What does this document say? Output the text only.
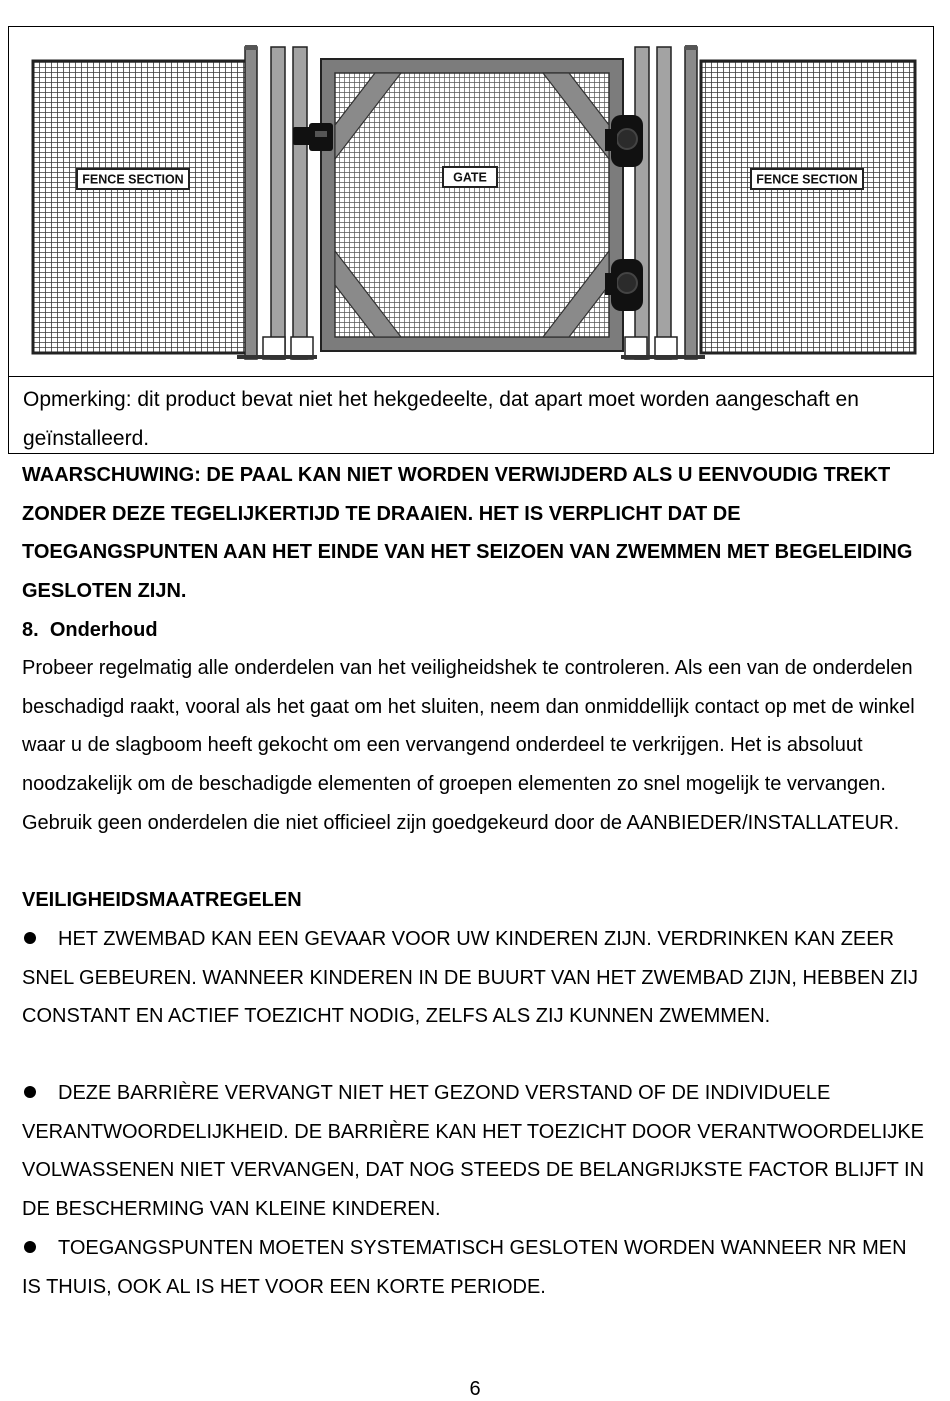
FENCE SECTION	FENCE SECTION
GATE

Opmerking: dit product bevat niet het hekgedeelte, dat apart moet worden aangeschaft en geïnstalleerd.

WAARSCHUWING: DE PAAL KAN NIET WORDEN VERWIJDERD ALS U EENVOUDIG TREKT ZONDER DEZE TEGELIJKERTIJD TE DRAAIEN. HET IS VERPLICHT DAT DE TOEGANGSPUNTEN AAN HET EINDE VAN HET SEIZOEN VAN ZWEMMEN MET BEGELEIDING GESLOTEN ZIJN.

8. Onderhoud

Probeer regelmatig alle onderdelen van het veiligheidshek te controleren. Als een van de onderdelen beschadigd raakt, vooral als het gaat om het sluiten, neem dan onmiddellijk contact op met de winkel waar u de slagboom heeft gekocht om een vervangend onderdeel te verkrijgen. Het is absoluut noodzakelijk om de beschadigde elementen of groepen elementen zo snel mogelijk te vervangen. Gebruik geen onderdelen die niet officieel zijn goedgekeurd door de AANBIEDER/INSTALLATEUR.

VEILIGHEIDSMAATREGELEN

HET ZWEMBAD KAN EEN GEVAAR VOOR UW KINDEREN ZIJN. VERDRINKEN KAN ZEER SNEL GEBEUREN. WANNEER KINDEREN IN DE BUURT VAN HET ZWEMBAD ZIJN, HEBBEN ZIJ CONSTANT EN ACTIEF TOEZICHT NODIG, ZELFS ALS ZIJ KUNNEN ZWEMMEN.

DEZE BARRIÈRE VERVANGT NIET HET GEZOND VERSTAND OF DE INDIVIDUELE VERANTWOORDELIJKHEID. DE BARRIÈRE KAN HET TOEZICHT DOOR VERANTWOORDELIJKE VOLWASSENEN NIET VERVANGEN, DAT NOG STEEDS DE BELANGRIJKSTE FACTOR BLIJFT IN DE BESCHERMING VAN KLEINE KINDEREN.

TOEGANGSPUNTEN MOETEN SYSTEMATISCH GESLOTEN WORDEN WANNEER NR MEN IS THUIS, OOK AL IS HET VOOR EEN KORTE PERIODE.

6
